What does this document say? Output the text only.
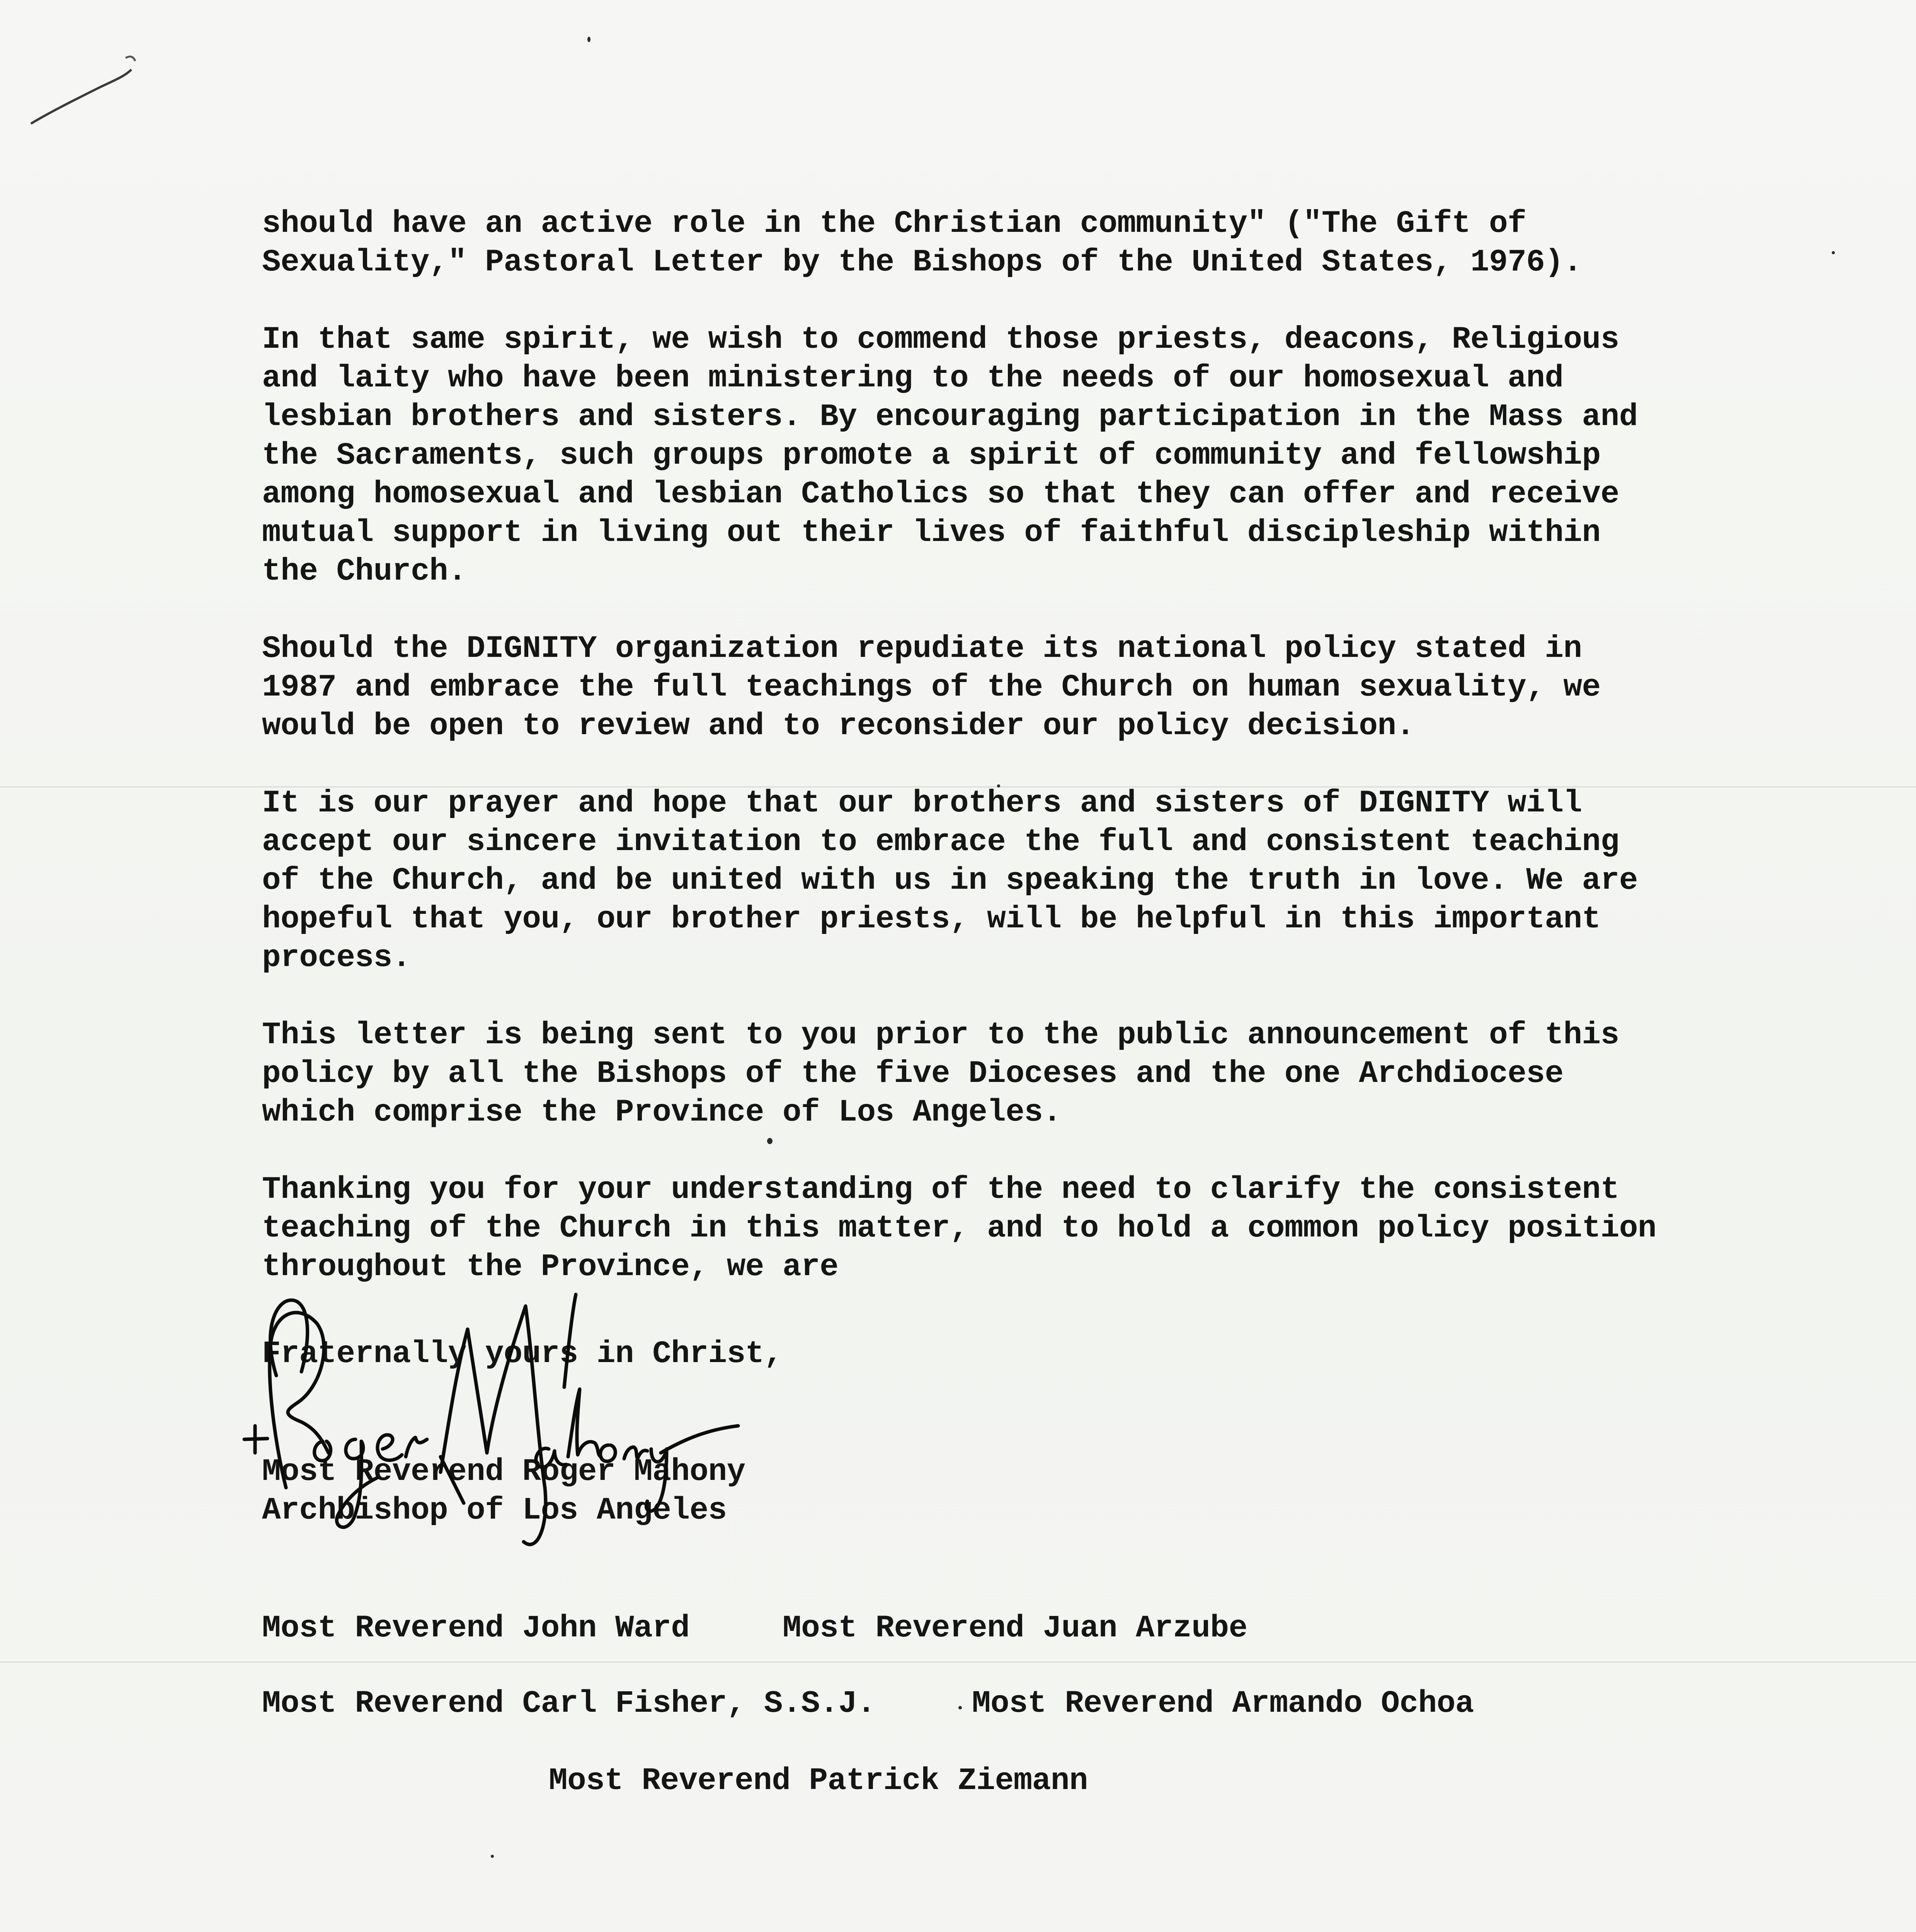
should have an active role in the Christian community" ("The Gift of
Sexuality," Pastoral Letter by the Bishops of the United States, 1976).

In that same spirit, we wish to commend those priests, deacons, Religious
and laity who have been ministering to the needs of our homosexual and
lesbian brothers and sisters. By encouraging participation in the Mass and
the Sacraments, such groups promote a spirit of community and fellowship
among homosexual and lesbian Catholics so that they can offer and receive
mutual support in living out their lives of faithful discipleship within
the Church.

Should the DIGNITY organization repudiate its national policy stated in
1987 and embrace the full teachings of the Church on human sexuality, we
would be open to review and to reconsider our policy decision.

It is our prayer and hope that our brothers and sisters of DIGNITY will
accept our sincere invitation to embrace the full and consistent teaching
of the Church, and be united with us in speaking the truth in love. We are
hopeful that you, our brother priests, will be helpful in this important
process.

This letter is being sent to you prior to the public announcement of this
policy by all the Bishops of the five Dioceses and the one Archdiocese
which comprise the Province of Los Angeles.

Thanking you for your understanding of the need to clarify the consistent
teaching of the Church in this matter, and to hold a common policy position
throughout the Province, we are

Fraternally yours in Christ,
Most Reverend Roger Mahony
Archbishop of Los Angeles
Most Reverend John Ward	Most Reverend Juan Arzube
Most Reverend Carl Fisher, S.S.J.	Most Reverend Armando Ochoa
Most Reverend Patrick Ziemann
